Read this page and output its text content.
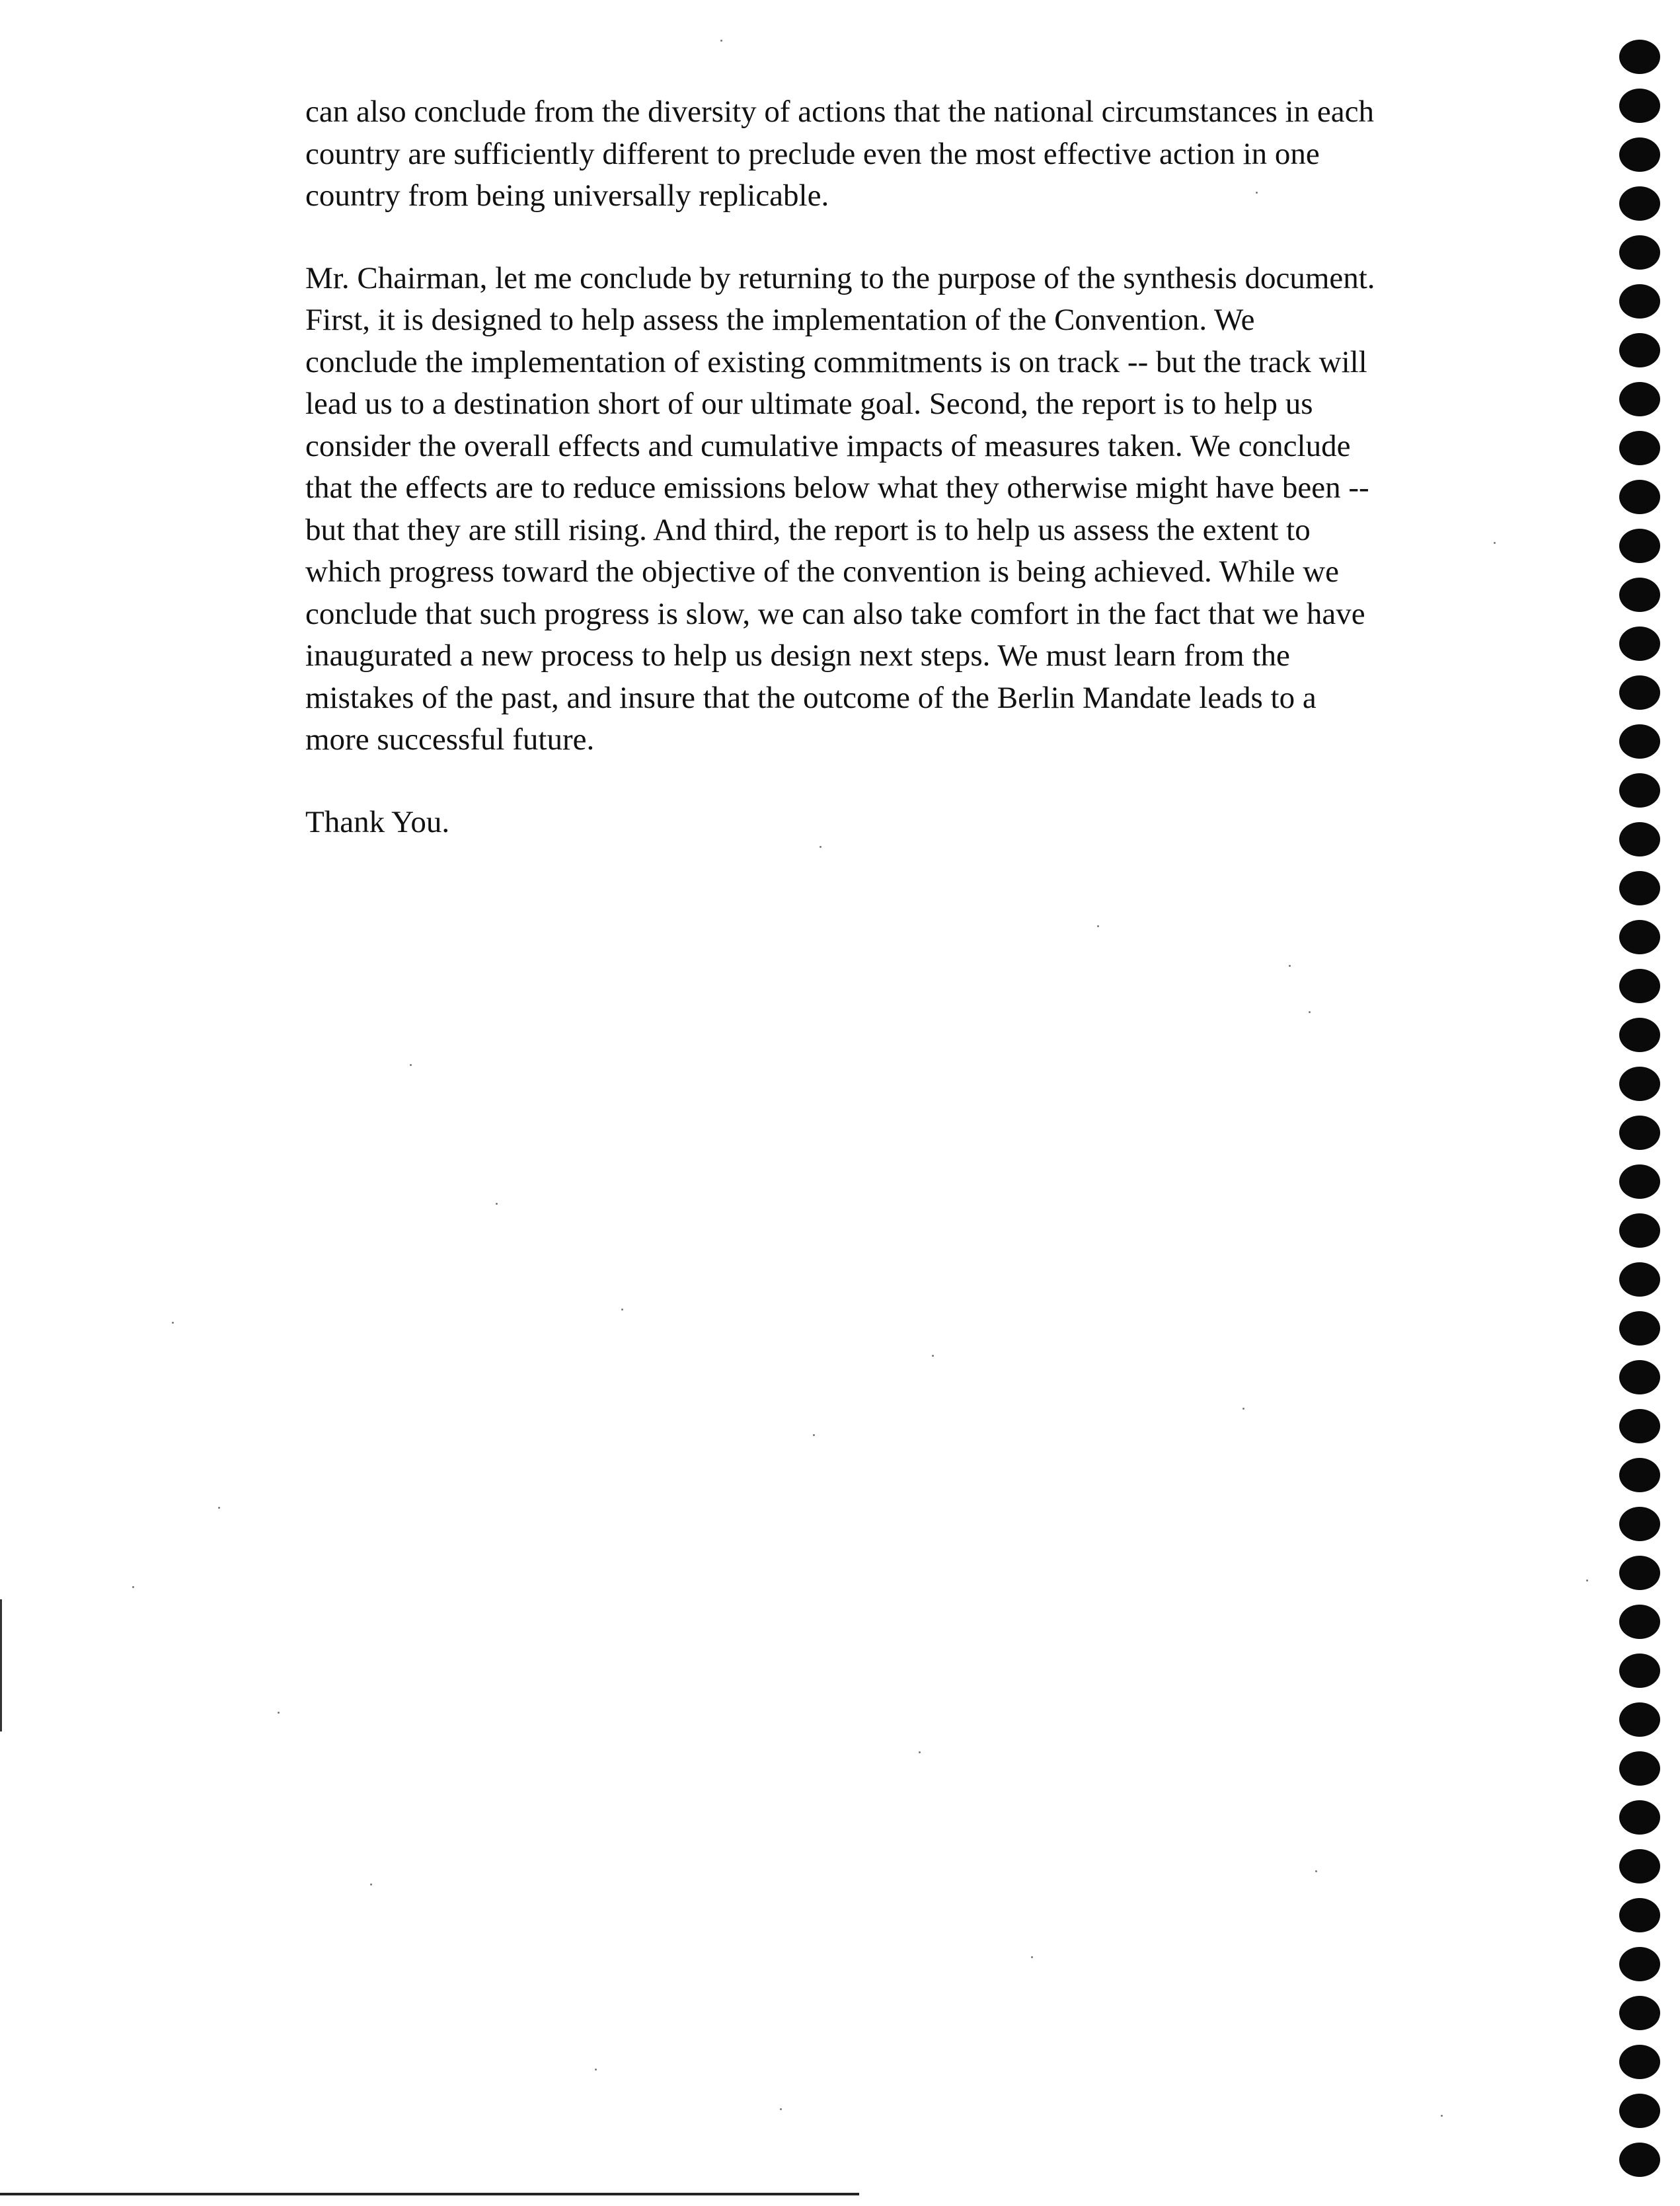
can also conclude from the diversity of actions that the national circumstances in each
country are sufficiently different to preclude even the most effective action in one
country from being universally replicable.
Mr. Chairman, let me conclude by returning to the purpose of the synthesis document.
First, it is designed to help assess the implementation of the Convention. We
conclude the implementation of existing commitments is on track -- but the track will
lead us to a destination short of our ultimate goal. Second, the report is to help us
consider the overall effects and cumulative impacts of measures taken. We conclude
that the effects are to reduce emissions below what they otherwise might have been --
but that they are still rising. And third, the report is to help us assess the extent to
which progress toward the objective of the convention is being achieved. While we
conclude that such progress is slow, we can also take comfort in the fact that we have
inaugurated a new process to help us design next steps. We must learn from the
mistakes of the past, and insure that the outcome of the Berlin Mandate leads to a
more successful future.
Thank You.
